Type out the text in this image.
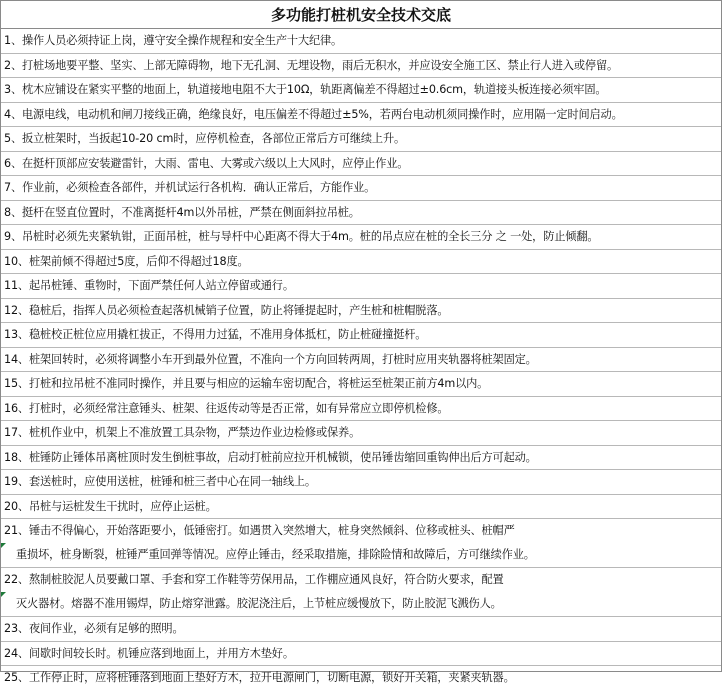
多功能打桩机安全技术交底
1、操作人员必须持证上岗，遵守安全操作规程和安全生产十大纪律。
2、打桩场地要平整、坚实、上部无障碍物，地下无孔洞、无埋设物，雨后无积水，并应设安全施工区、禁止行人进入或停留。
3、枕木应铺设在紧实平整的地面上，轨道接地电阻不大于10Ω，轨距离偏差不得超过±0.6cm，轨道接头板连接必须牢固。
4、电源电线，电动机和闸刀接线正确，绝缘良好，电压偏差不得超过±5%，若两台电动机须同操作时，应用隔一定时间启动。
5、扳立桩架时，当扳起10-20 cm时，应停机检查，各部位正常后方可继续上升。
6、在挺杆顶部应安装避雷针，大雨、雷电、大雾或六级以上大风时，应停止作业。
7、作业前，必须检查各部件，并机试运行各机构．确认正常后，方能作业。
8、挺杆在竖直位置时，不准离挺杆4m以外吊桩，严禁在侧面斜拉吊桩。
9、吊桩时必须先夹紧轨钳，正面吊桩，桩与导杆中心距离不得大于4m。桩的吊点应在桩的全长三分 之 一处，防止倾翻。
10、桩架前倾不得超过5度，后仰不得超过18度。
11、起吊桩锤、重物时，下面严禁任何人站立停留或通行。
12、稳桩后，指挥人员必须检查起落机械销子位置，防止将锤提起时，产生桩和桩帽脱落。
13、稳桩校正桩位应用撬杠拔正，不得用力过猛，不准用身体抵杠，防止桩碰撞挺杆。
14、桩架回转时，必须将调整小车开到最外位置，不准向一个方向回转两周，打桩时应用夹轨器将桩架固定。
15、打桩和拉吊桩不准同时操作，并且要与相应的运输车密切配合，将桩运至桩架正前方4m以内。
16、打桩时，必须经常注意锤头、桩架、往返传动等是否正常，如有异常应立即停机检修。
17、桩机作业中，机架上不准放置工具杂物，严禁边作业边检修或保养。
18、桩锤防止锤体吊离桩顶时发生倒桩事故，启动打桩前应拉开机械锁，使吊锤齿缩回重钩伸出后方可起动。
19、套送桩时，应使用送桩，桩锤和桩三者中心在同一轴线上。
20、吊桩与运桩发生干扰时，应停止运桩。
21、锤击不得偏心，开始落距要小，低锤密打。如遇贯入突然增大，桩身突然倾斜、位移或桩头、桩帽严
重损坏，桩身断裂，桩锤严重回弹等情况。应停止锤击，经采取措施，排除险情和故障后，方可继续作业。
22、熬制桩胶泥人员要戴口罩、手套和穿工作鞋等劳保用品，工作棚应通风良好，符合防火要求，配置
灭火器材。熔器不准用锡焊，防止熔穿泄露。胶泥浇注后，上节桩应缓慢放下，防止胶泥飞溅伤人。
23、夜间作业，必须有足够的照明。
24、间歇时间较长时。机锤应落到地面上，并用方木垫好。
25、工作停止时，应将桩锤落到地面上垫好方木，拉开电源闸门，切断电源，锁好开关箱，夹紧夹轨器。
